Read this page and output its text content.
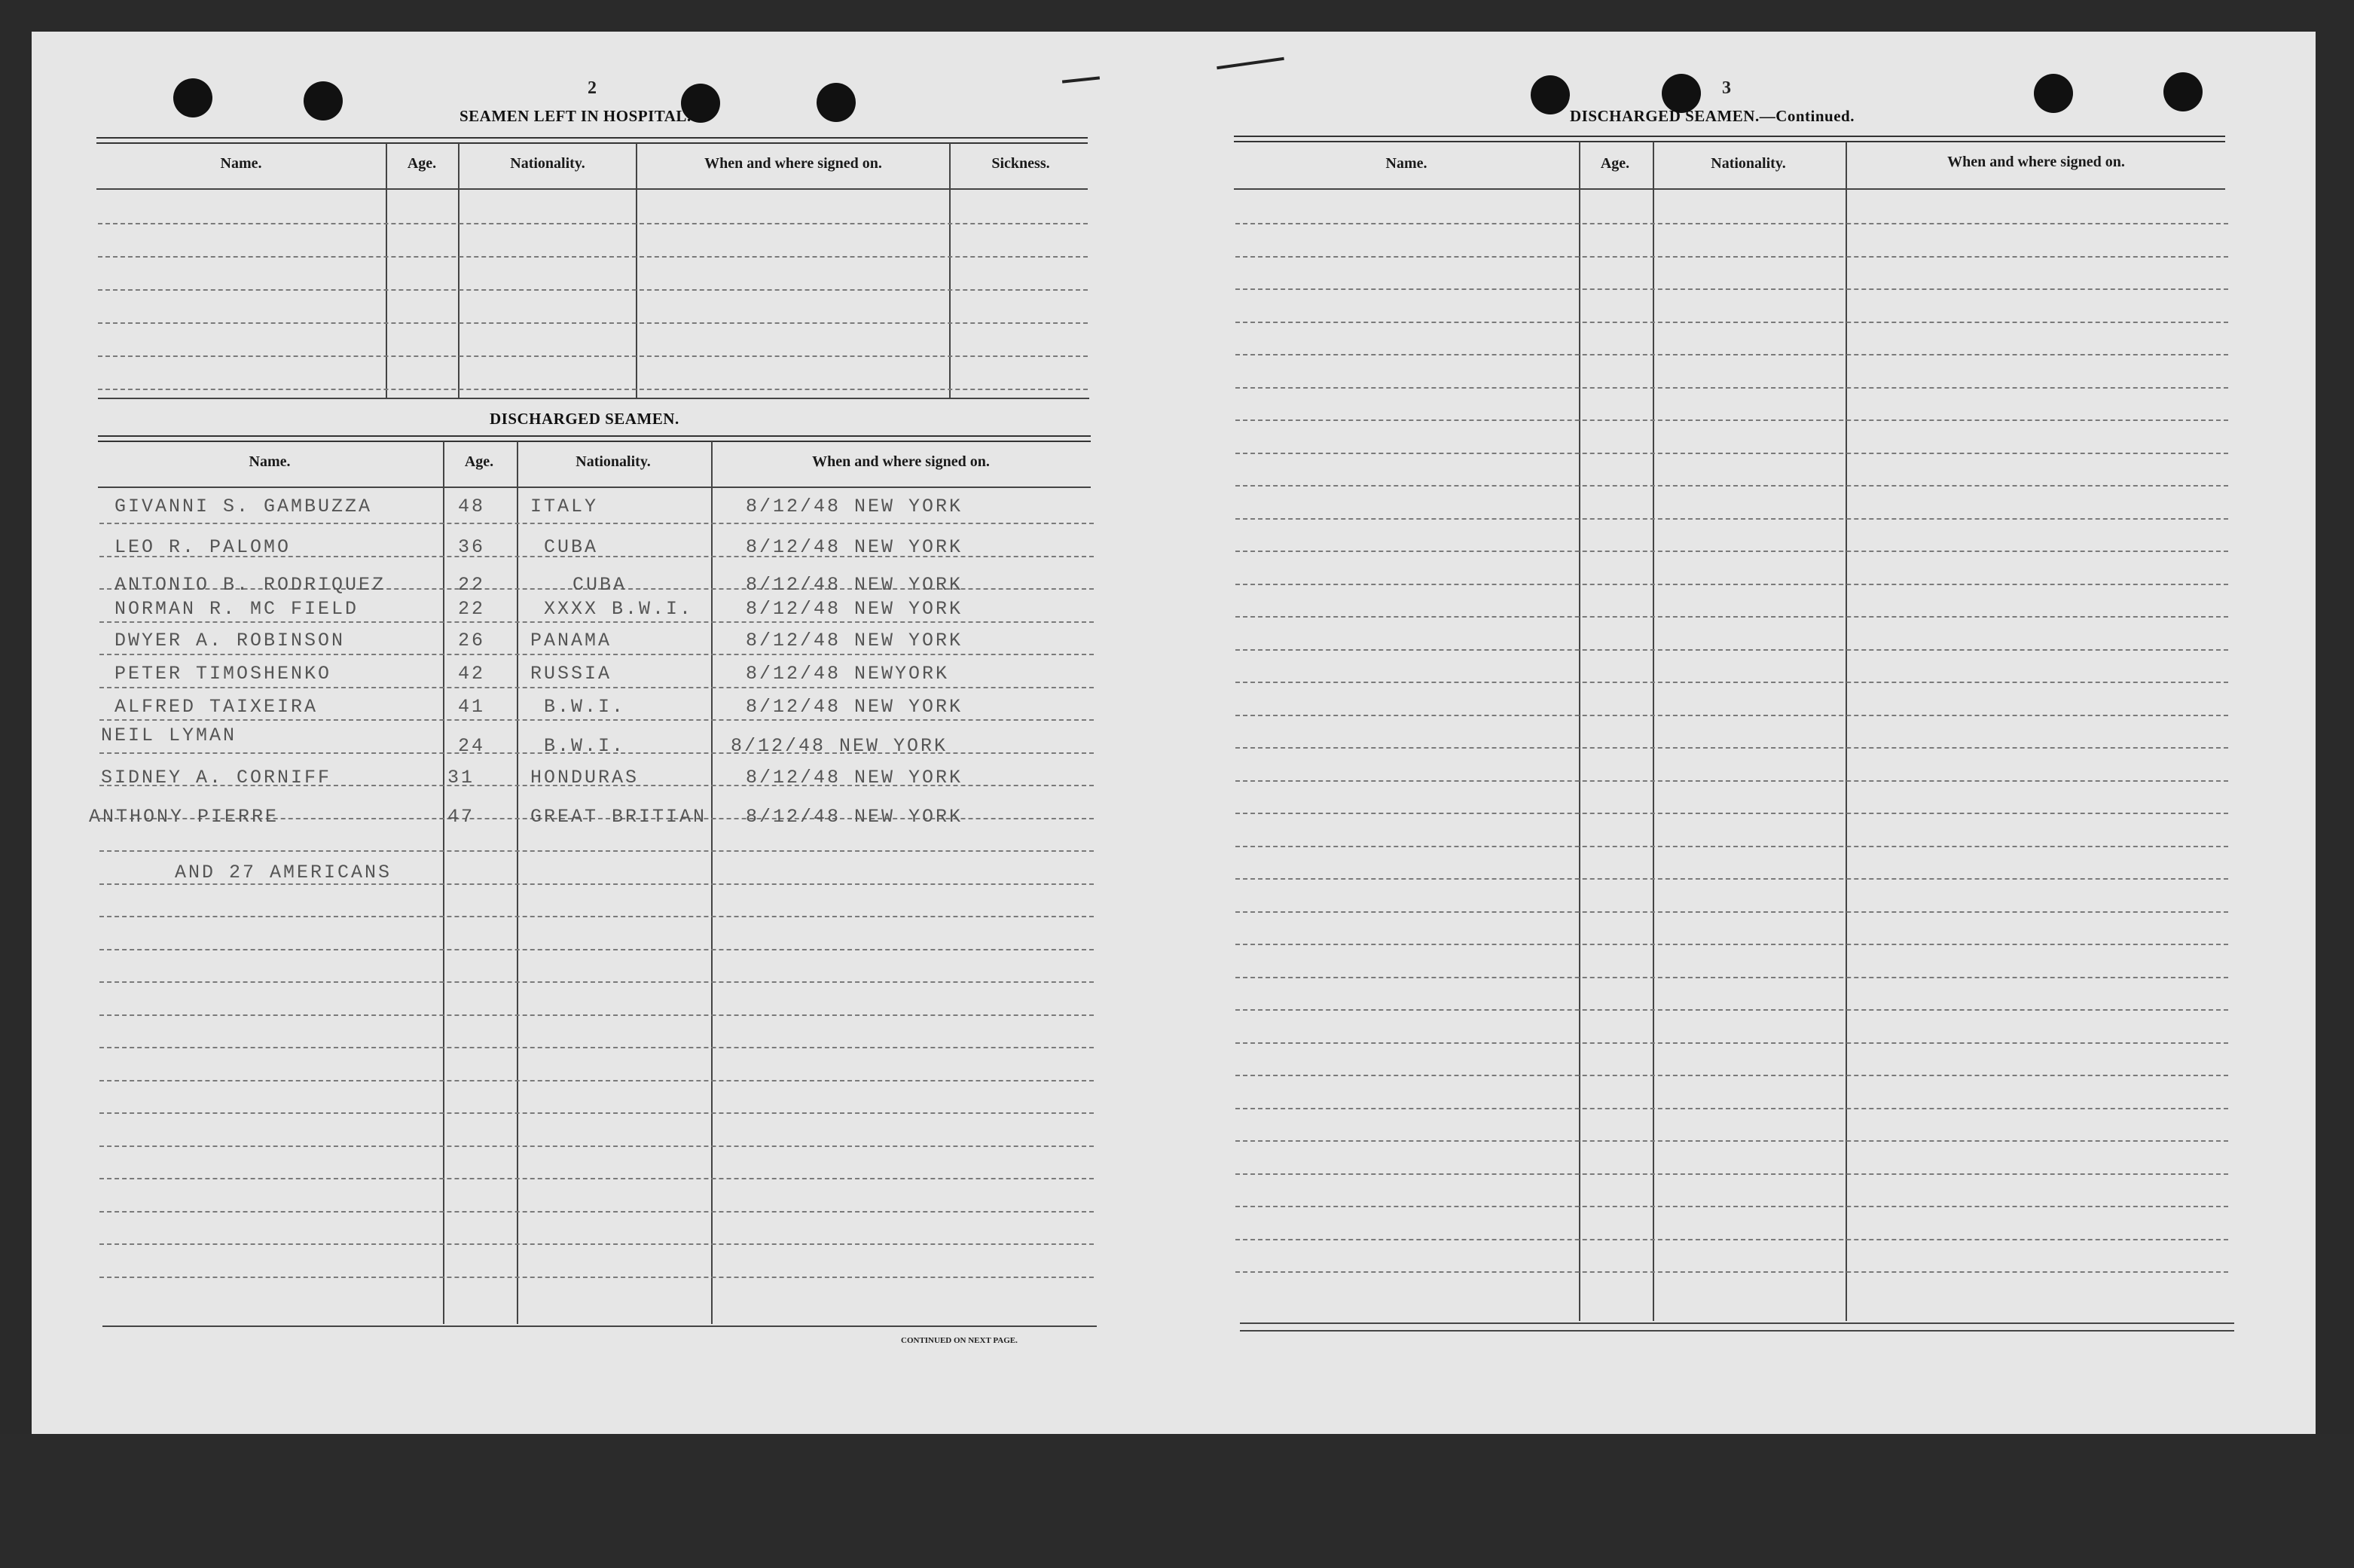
2
SEAMEN LEFT IN HOSPITAL.
Name.	Age.	Nationality.	When and where signed on.	Sickness.
DISCHARGED SEAMEN.
Name.	Age.	Nationality.	When and where signed on.
GIVANNI S. GAMBUZZA	48 ITALY	8/12/48 NEW YORK
LEO R. PALOMO	36	CUBA	8/12/48 NEW YORK
ANTONIO B. RODRIQUEZ	22	CUBA	8/12/48 NEW YORK
NORMAN R. MC FIELD	22	XXXX B.W.I.	8/12/48 NEW YORK
DWYER A. ROBINSON	26 PANAMA	8/12/48 NEW YORK
PETER TIMOSHENKO	42 RUSSIA	8/12/48 NEWYORK
ALFRED TAIXEIRA	41	B.W.I.	8/12/48 NEW YORK
NEIL LYMAN	24	B.W.I.	8/12/48 NEW YORK
SIDNEY A. CORNIFF	31	HONDURAS	8/12/48 NEW YORK
ANTHONY PIERRE	47	GREAT BRITIAN 8/12/48 NEW YORK
AND 27 AMERICANS
CONTINUED ON NEXT PAGE.
3
DISCHARGED SEAMEN.—Continued.
Name.	Age.	Nationality.	When and where signed on.
